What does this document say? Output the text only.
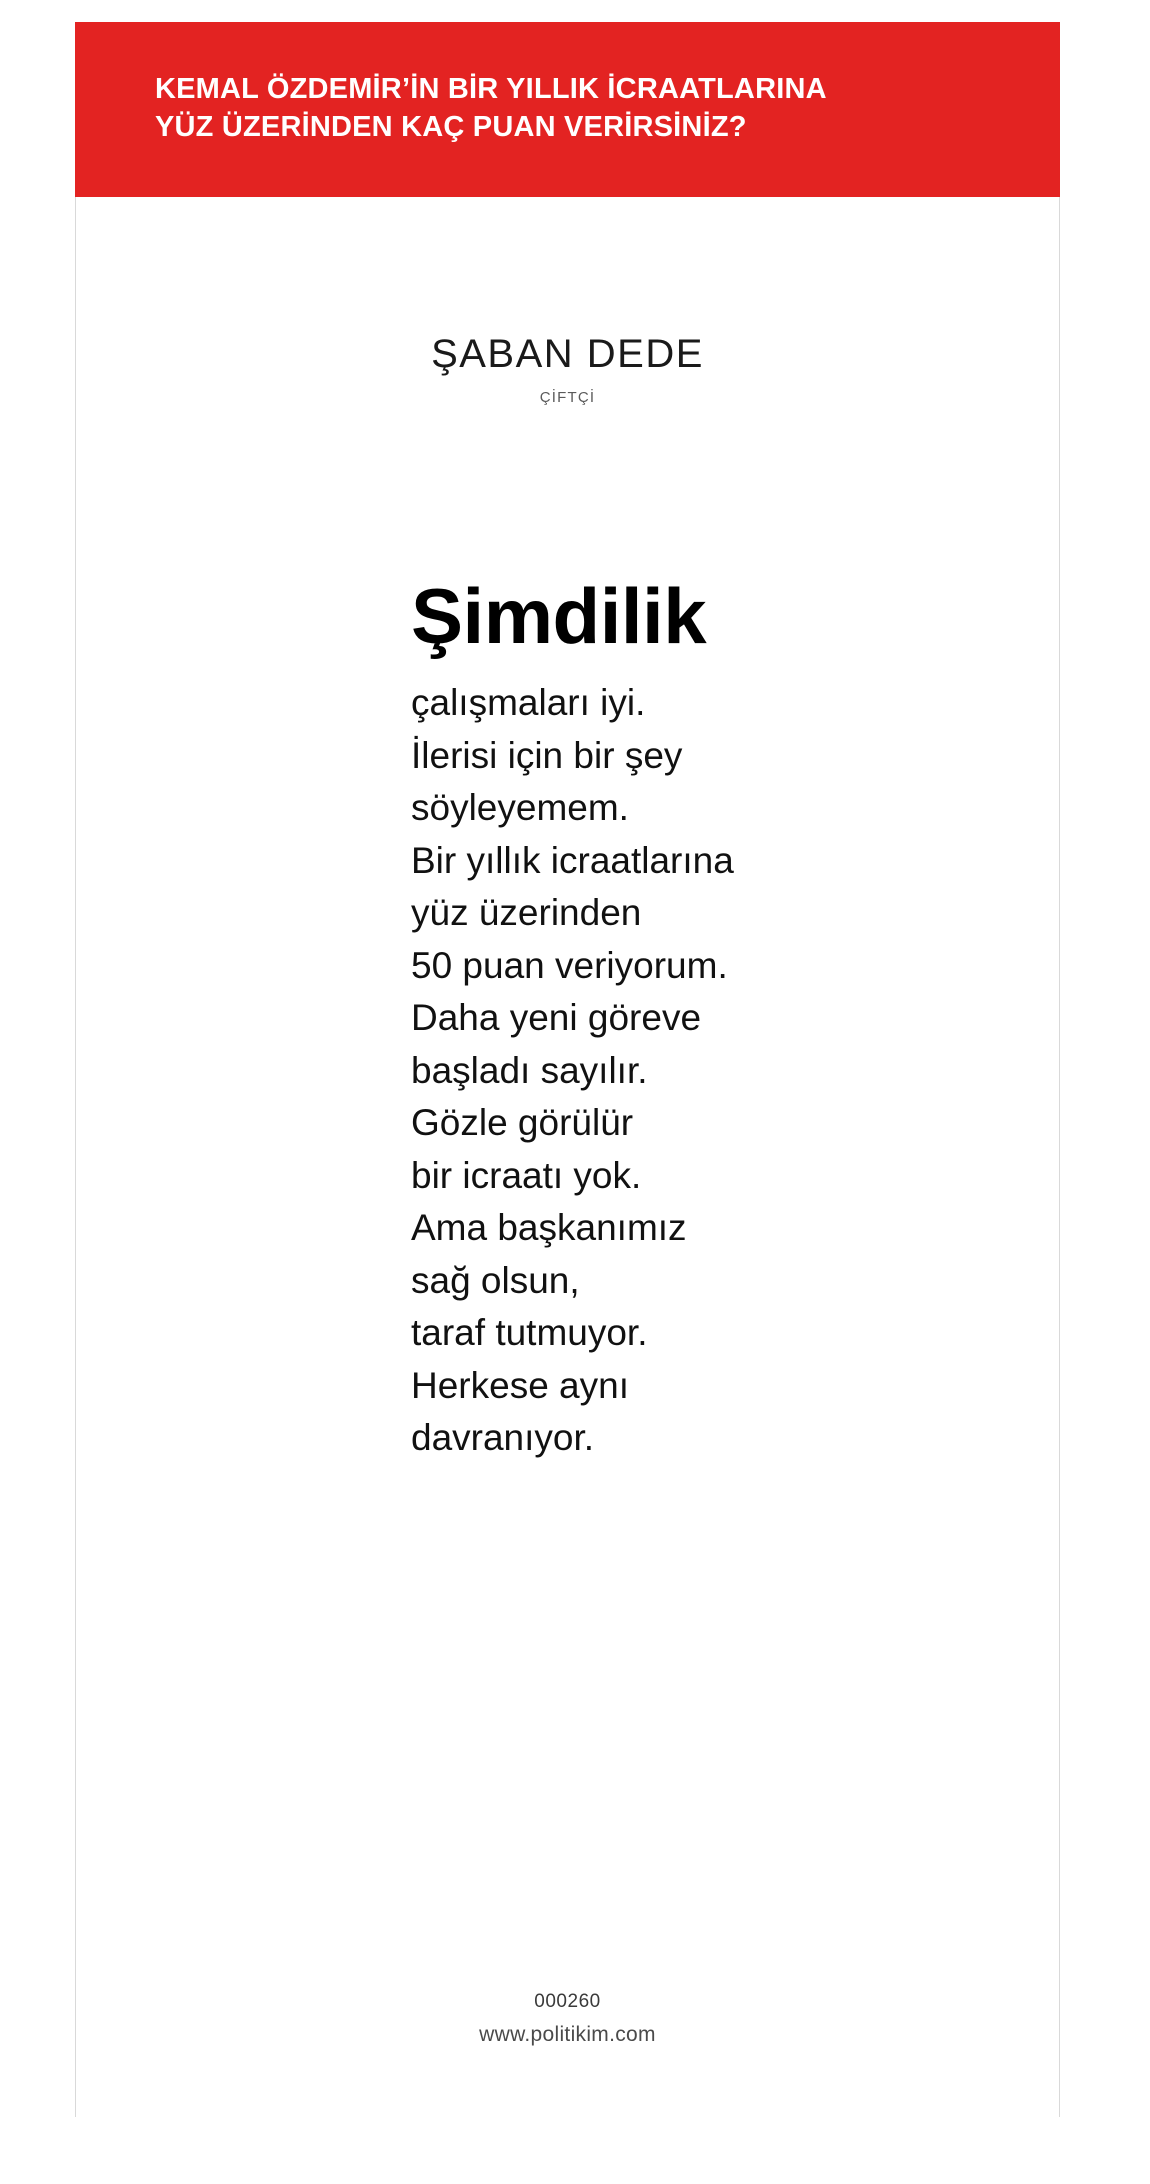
KEMAL ÖZDEMİR’İN BİR YILLIK İCRAATLARINA
YÜZ ÜZERİNDEN KAÇ PUAN VERİRSİNİZ?

ŞABAN DEDE

ÇİFTÇİ

Şimdilik

çalışmaları iyi.
İlerisi için bir şey
söyleyemem.
Bir yıllık icraatlarına
yüz üzerinden
50 puan veriyorum.
Daha yeni göreve
başladı sayılır.
Gözle görülür
bir icraatı yok.
Ama başkanımız
sağ olsun,
taraf tutmuyor.
Herkese aynı
davranıyor.

000260

www.politikim.com
